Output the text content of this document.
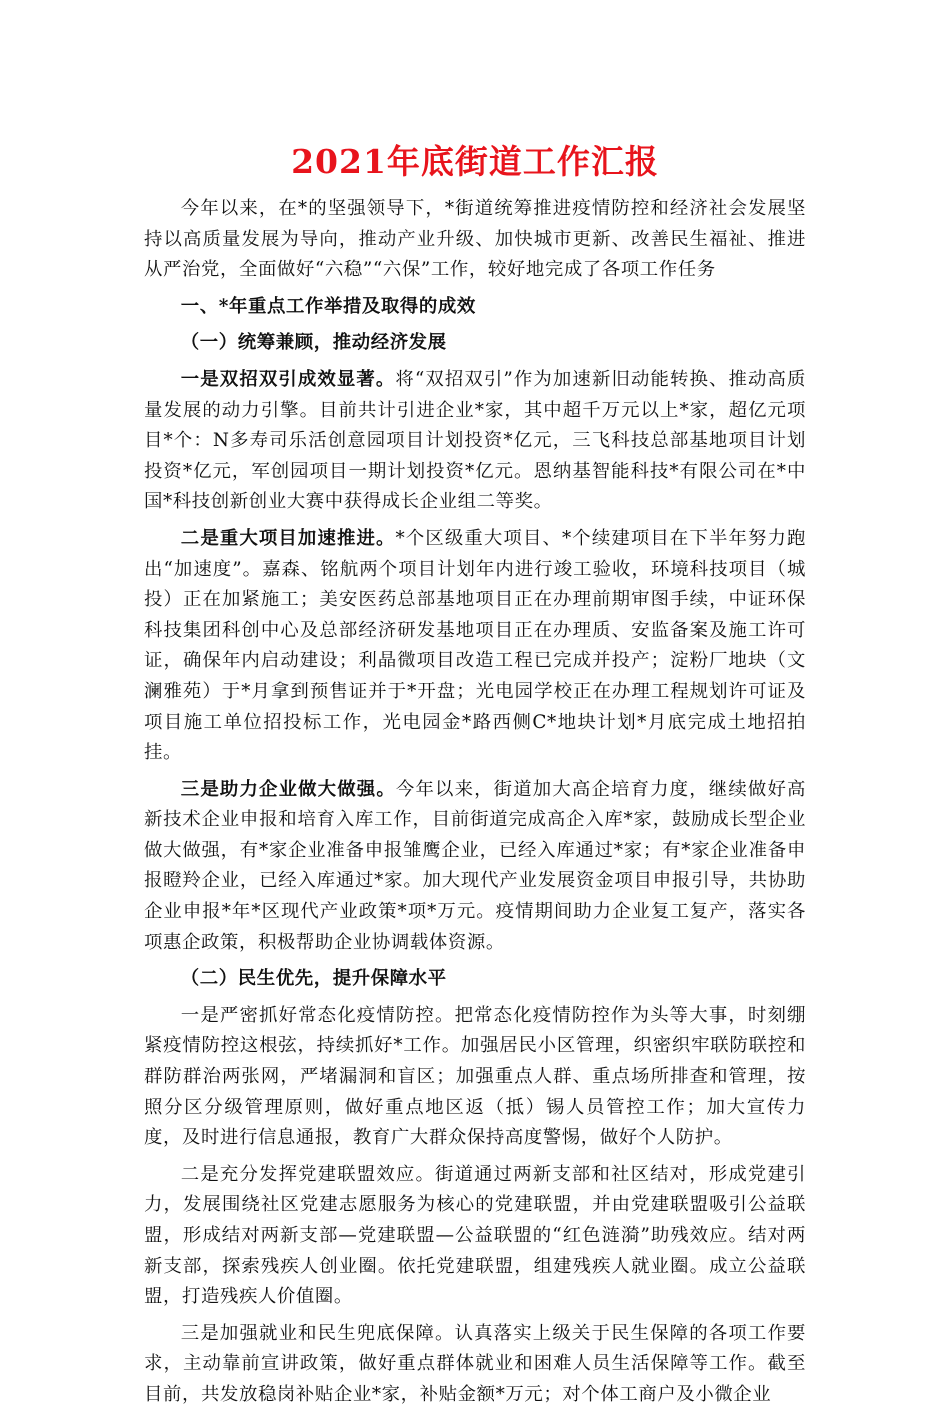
2021年底街道工作汇报

今年以来，在*的坚强领导下，*街道统筹推进疫情防控和经济社会发展坚持以高质量发展为导向，推动产业升级、加快城市更新、改善民生福祉、推进从严治党，全面做好“六稳”“六保”工作，较好地完成了各项工作任务

一、*年重点工作举措及取得的成效

（一）统筹兼顾，推动经济发展

一是双招双引成效显著。将“双招双引”作为加速新旧动能转换、推动高质量发展的动力引擎。目前共计引进企业*家，其中超千万元以上*家，超亿元项目*个：N多寿司乐活创意园项目计划投资*亿元，三飞科技总部基地项目计划投资*亿元，军创园项目一期计划投资*亿元。恩纳基智能科技*有限公司在*中国*科技创新创业大赛中获得成长企业组二等奖。

二是重大项目加速推进。*个区级重大项目、*个续建项目在下半年努力跑出“加速度”。嘉森、铭航两个项目计划年内进行竣工验收，环境科技项目（城投）正在加紧施工；美安医药总部基地项目正在办理前期审图手续，中证环保科技集团科创中心及总部经济研发基地项目正在办理质、安监备案及施工许可证，确保年内启动建设；利晶微项目改造工程已完成并投产；淀粉厂地块（文澜雅苑）于*月拿到预售证并于*开盘；光电园学校正在办理工程规划许可证及项目施工单位招投标工作，光电园金*路西侧C*地块计划*月底完成土地招拍挂。

三是助力企业做大做强。今年以来，街道加大高企培育力度，继续做好高新技术企业申报和培育入库工作，目前街道完成高企入库*家，鼓励成长型企业做大做强，有*家企业准备申报雏鹰企业，已经入库通过*家；有*家企业准备申报瞪羚企业，已经入库通过*家。加大现代产业发展资金项目申报引导，共协助企业申报*年*区现代产业政策*项*万元。疫情期间助力企业复工复产，落实各项惠企政策，积极帮助企业协调载体资源。

（二）民生优先，提升保障水平

一是严密抓好常态化疫情防控。把常态化疫情防控作为头等大事，时刻绷紧疫情防控这根弦，持续抓好*工作。加强居民小区管理，织密织牢联防联控和群防群治两张网，严堵漏洞和盲区；加强重点人群、重点场所排查和管理，按照分区分级管理原则，做好重点地区返（抵）锡人员管控工作；加大宣传力度，及时进行信息通报，教育广大群众保持高度警惕，做好个人防护。

二是充分发挥党建联盟效应。街道通过两新支部和社区结对，形成党建引力，发展围绕社区党建志愿服务为核心的党建联盟，并由党建联盟吸引公益联盟，形成结对两新支部—党建联盟—公益联盟的“红色涟漪”助残效应。结对两新支部，探索残疾人创业圈。依托党建联盟，组建残疾人就业圈。成立公益联盟，打造残疾人价值圈。

三是加强就业和民生兜底保障。认真落实上级关于民生保障的各项工作要求，主动靠前宣讲政策，做好重点群体就业和困难人员生活保障等工作。截至目前，共发放稳岗补贴企业*家，补贴金额*万元；对个体工商户及小微企业
